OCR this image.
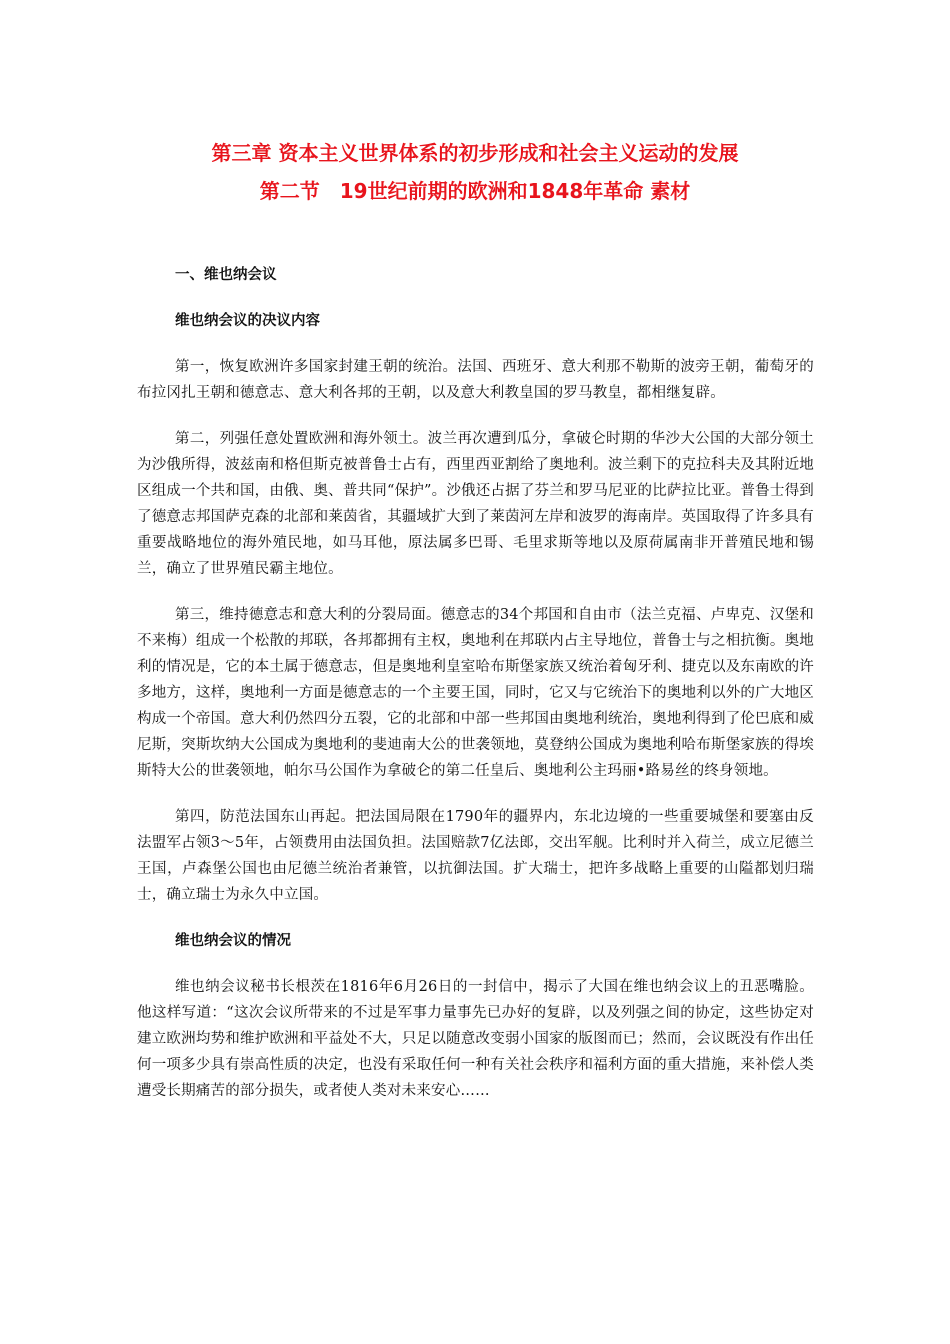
第三章 资本主义世界体系的初步形成和社会主义运动的发展
第二节　19世纪前期的欧洲和1848年革命 素材
一、维也纳会议
维也纳会议的决议内容

第一，恢复欧洲许多国家封建王朝的统治。法国、西班牙、意大利那不勒斯的波旁王朝，葡萄牙的布拉冈扎王朝和德意志、意大利各邦的王朝，以及意大利教皇国的罗马教皇，都相继复辟。

第二，列强任意处置欧洲和海外领土。波兰再次遭到瓜分，拿破仑时期的华沙大公国的大部分领土为沙俄所得，波兹南和格但斯克被普鲁士占有，西里西亚割给了奥地利。波兰剩下的克拉科夫及其附近地区组成一个共和国，由俄、奥、普共同“保护”。沙俄还占据了芬兰和罗马尼亚的比萨拉比亚。普鲁士得到了德意志邦国萨克森的北部和莱茵省，其疆域扩大到了莱茵河左岸和波罗的海南岸。英国取得了许多具有重要战略地位的海外殖民地，如马耳他，原法属多巴哥、毛里求斯等地以及原荷属南非开普殖民地和锡兰，确立了世界殖民霸主地位。

第三，维持德意志和意大利的分裂局面。德意志的34个邦国和自由市（法兰克福、卢卑克、汉堡和不来梅）组成一个松散的邦联，各邦都拥有主权，奥地利在邦联内占主导地位，普鲁士与之相抗衡。奥地利的情况是，它的本土属于德意志，但是奥地利皇室哈布斯堡家族又统治着匈牙利、捷克以及东南欧的许多地方，这样，奥地利一方面是德意志的一个主要王国，同时，它又与它统治下的奥地利以外的广大地区构成一个帝国。意大利仍然四分五裂，它的北部和中部一些邦国由奥地利统治，奥地利得到了伦巴底和威尼斯，突斯坎纳大公国成为奥地利的斐迪南大公的世袭领地，莫登纳公国成为奥地利哈布斯堡家族的得埃斯特大公的世袭领地，帕尔马公国作为拿破仑的第二任皇后、奥地利公主玛丽•路易丝的终身领地。

第四，防范法国东山再起。把法国局限在1790年的疆界内，东北边境的一些重要城堡和要塞由反法盟军占领3～5年，占领费用由法国负担。法国赔款7亿法郎，交出军舰。比利时并入荷兰，成立尼德兰王国，卢森堡公国也由尼德兰统治者兼管，以抗御法国。扩大瑞士，把许多战略上重要的山隘都划归瑞士，确立瑞士为永久中立国。

维也纳会议的情况

维也纳会议秘书长根茨在1816年6月26日的一封信中，揭示了大国在维也纳会议上的丑恶嘴脸。他这样写道：“这次会议所带来的不过是军事力量事先已办好的复辟，以及列强之间的协定，这些协定对建立欧洲均势和维护欧洲和平益处不大，只足以随意改变弱小国家的版图而已；然而，会议既没有作出任何一项多少具有崇高性质的决定，也没有采取任何一种有关社会秩序和福利方面的重大措施，来补偿人类遭受长期痛苦的部分损失，或者使人类对未来安心……
